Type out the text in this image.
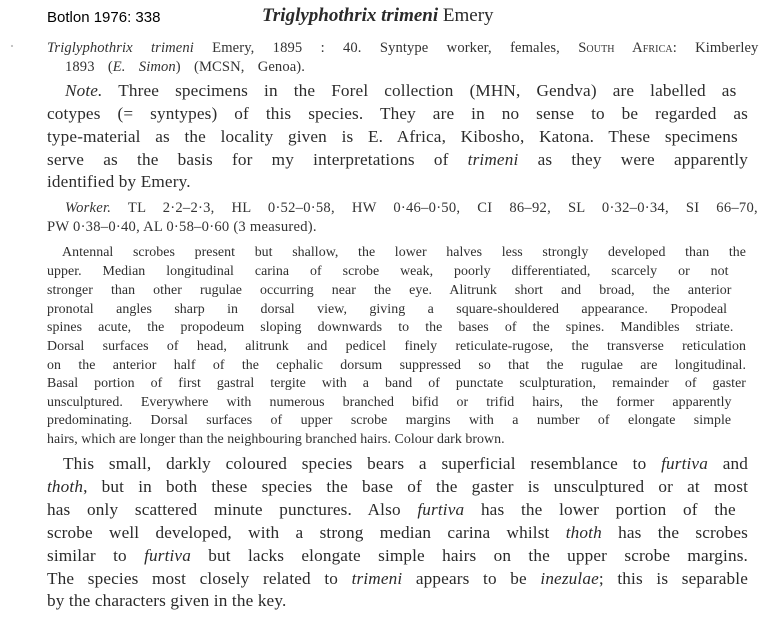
Botlon 1976: 338	Triglyphothrix trimeni Emery
· Triglyphothrix trimeni Emery, 1895 : 40. Syntype worker, females, South Africa: Kimberley
1893 (E. Simon) (MCSN, Genoa).
Note. Three specimens in the Forel collection (MHN, Gendva) are labelled as
cotypes (= syntypes) of this species. They are in no sense to be regarded as
type-material as the locality given is E. Africa, Kibosho, Katona. These specimens
serve as the basis for my interpretations of trimeni as they were apparently
identified by Emery.
Worker. TL 2·2–2·3, HL 0·52–0·58, HW 0·46–0·50, CI 86–92, SL 0·32–0·34, SI 66–70,
PW 0·38–0·40, AL 0·58–0·60 (3 measured).
Antennal scrobes present but shallow, the lower halves less strongly developed than the
upper. Median longitudinal carina of scrobe weak, poorly differentiated, scarcely or not
stronger than other rugulae occurring near the eye. Alitrunk short and broad, the anterior
pronotal angles sharp in dorsal view, giving a square-shouldered appearance. Propodeal
spines acute, the propodeum sloping downwards to the bases of the spines. Mandibles striate.
Dorsal surfaces of head, alitrunk and pedicel finely reticulate-rugose, the transverse reticulation
on the anterior half of the cephalic dorsum suppressed so that the rugulae are longitudinal.
Basal portion of first gastral tergite with a band of punctate sculpturation, remainder of gaster
unsculptured. Everywhere with numerous branched bifid or trifid hairs, the former apparently
predominating. Dorsal surfaces of upper scrobe margins with a number of elongate simple
hairs, which are longer than the neighbouring branched hairs. Colour dark brown.
This small, darkly coloured species bears a superficial resemblance to furtiva and
thoth, but in both these species the base of the gaster is unsculptured or at most
has only scattered minute punctures. Also furtiva has the lower portion of the
scrobe well developed, with a strong median carina whilst thoth has the scrobes
similar to furtiva but lacks elongate simple hairs on the upper scrobe margins.
The species most closely related to trimeni appears to be inezulae; this is separable
by the characters given in the key.
